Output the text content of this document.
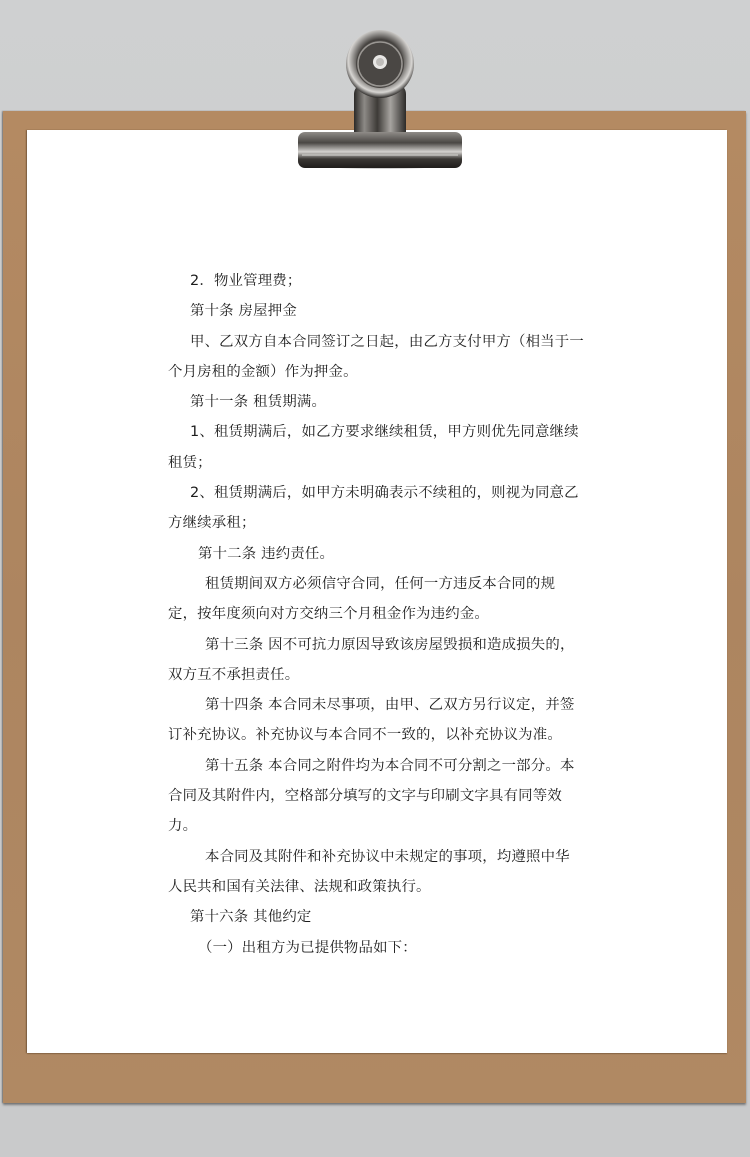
2．物业管理费；

第十条 房屋押金

甲、乙双方自本合同签订之日起，由乙方支付甲方（相当于一个月房租的金额）作为押金。

第十一条 租赁期满。

1、租赁期满后，如乙方要求继续租赁，甲方则优先同意继续租赁；

2、租赁期满后，如甲方未明确表示不续租的，则视为同意乙方继续承租；

第十二条 违约责任。

租赁期间双方必须信守合同，任何一方违反本合同的规定，按年度须向对方交纳三个月租金作为违约金。

第十三条 因不可抗力原因导致该房屋毁损和造成损失的，双方互不承担责任。

第十四条 本合同未尽事项，由甲、乙双方另行议定，并签订补充协议。补充协议与本合同不一致的，以补充协议为准。

第十五条 本合同之附件均为本合同不可分割之一部分。本合同及其附件内，空格部分填写的文字与印刷文字具有同等效力。

本合同及其附件和补充协议中未规定的事项，均遵照中华人民共和国有关法律、法规和政策执行。

第十六条 其他约定

（一）出租方为已提供物品如下：
